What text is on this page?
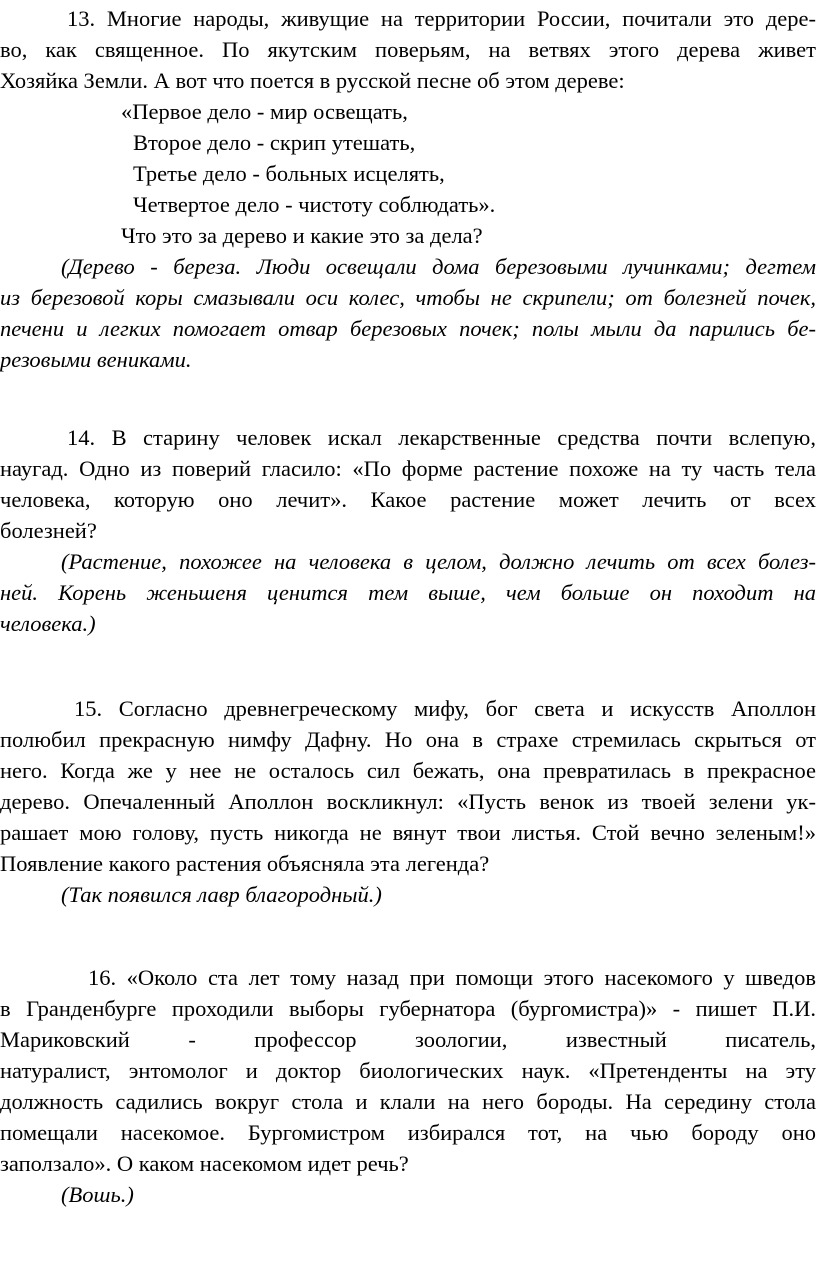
13. Многие народы, живущие на территории России, почитали это дере-
во, как священное. По якутским поверьям, на ветвях этого дерева живет
Хозяйка Земли. А вот что поется в русской песне об этом дереве:
«Первое дело - мир освещать,
Второе дело - скрип утешать,
Третье дело - больных исцелять,
Четвертое дело - чистоту соблюдать».
Что это за дерево и какие это за дела?
(Дерево - береза. Люди освещали дома березовыми лучинками; дегтем
из березовой коры смазывали оси колес, чтобы не скрипели; от болезней почек,
печени и легких помогает отвар березовых почек; полы мыли да парились бе-
резовыми вениками.
14. В старину человек искал лекарственные средства почти вслепую,
наугад. Одно из поверий гласило: «По форме растение похоже на ту часть тела
человека, которую оно лечит». Какое растение может лечить от всех
болезней?
(Растение, похожее на человека в целом, должно лечить от всех болез-
ней. Корень женьшеня ценится тем выше, чем больше он походит на
человека.)
15. Согласно древнегреческому мифу, бог света и искусств Аполлон
полюбил прекрасную нимфу Дафну. Но она в страхе стремилась скрыться от
него. Когда же у нее не осталось сил бежать, она превратилась в прекрасное
дерево. Опечаленный Аполлон воскликнул: «Пусть венок из твоей зелени ук-
рашает мою голову, пусть никогда не вянут твои листья. Стой вечно зеленым!»
Появление какого растения объясняла эта легенда?
(Так появился лавр благородный.)
16. «Около ста лет тому назад при помощи этого насекомого у шведов
в Гранденбурге проходили выборы губернатора (бургомистра)» - пишет П.И.
Мариковский - профессор зоологии, известный писатель,
натуралист, энтомолог и доктор биологических наук. «Претенденты на эту
должность садились вокруг стола и клали на него бороды. На середину стола
помещали насекомое. Бургомистром избирался тот, на чью бороду оно
заползало». О каком насекомом идет речь?
(Вошь.)
